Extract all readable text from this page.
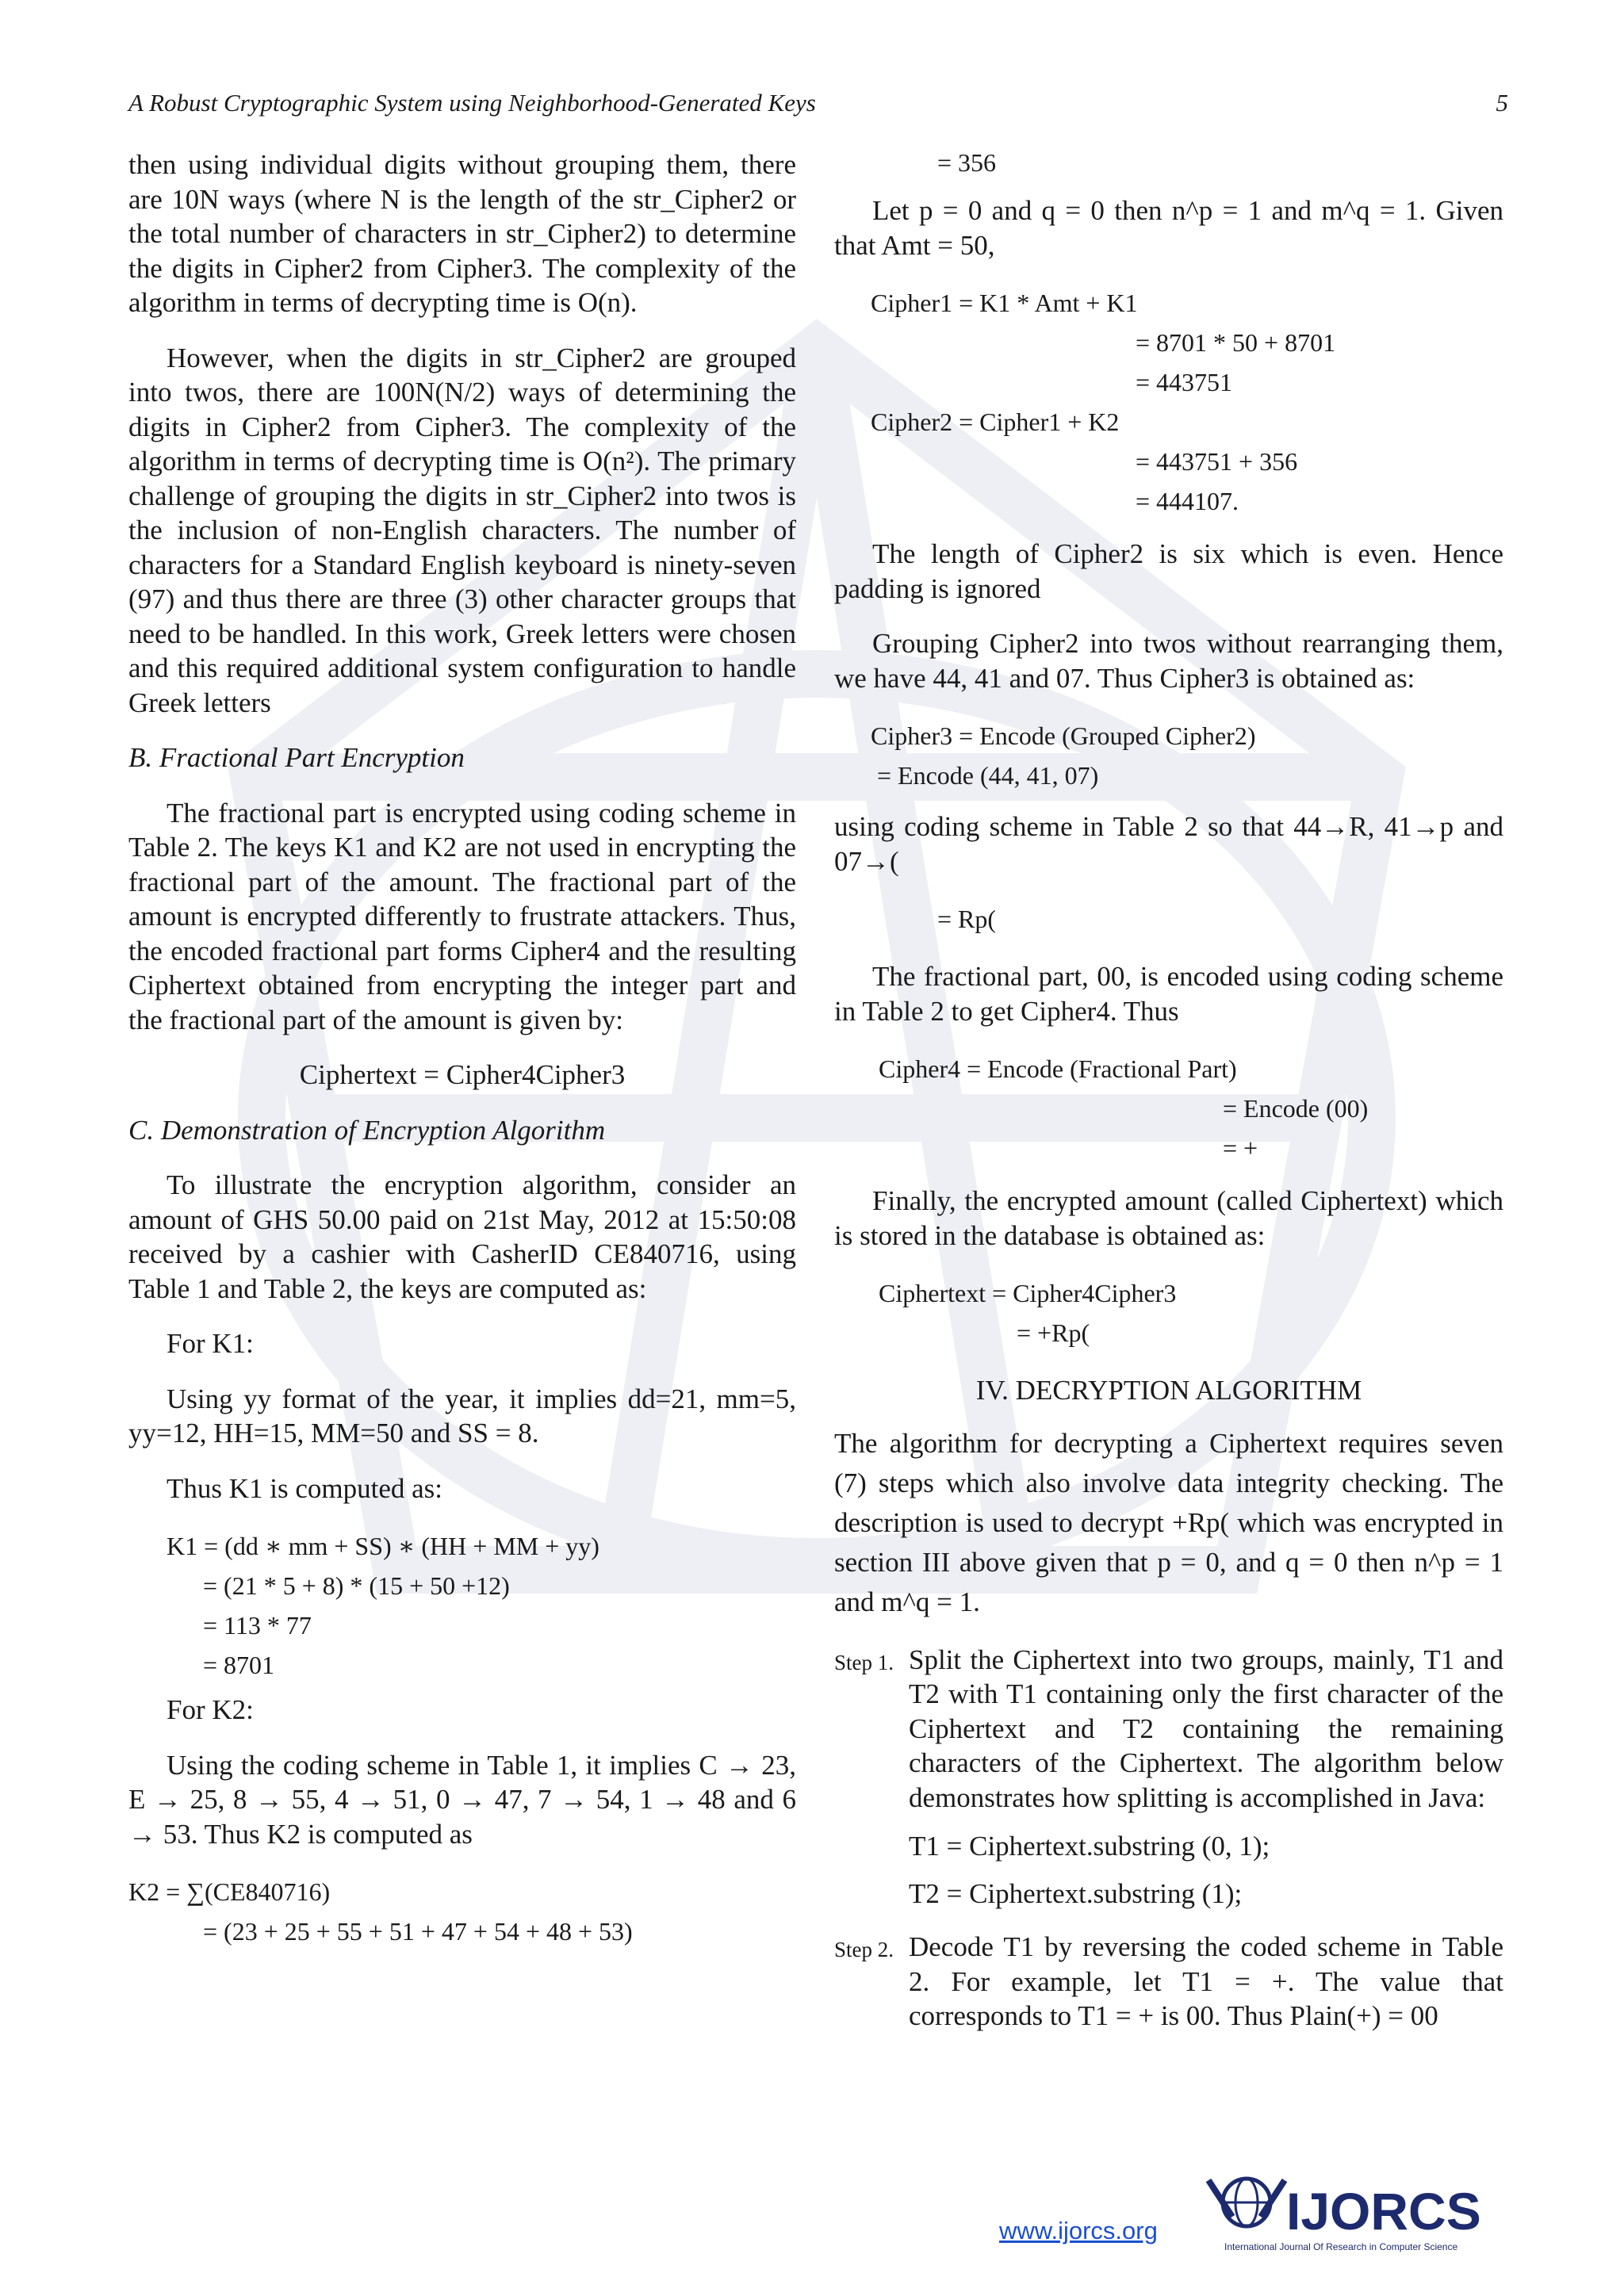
A Robust Cryptographic System using Neighborhood-Generated Keys	5

then using individual digits without grouping them, there are 10N ways (where N is the length of the str_Cipher2 or the total number of characters in str_Cipher2) to determine the digits in Cipher2 from Cipher3. The complexity of the algorithm in terms of decrypting time is O(n).

However, when the digits in str_Cipher2 are grouped into twos, there are 100N(N/2) ways of determining the digits in Cipher2 from Cipher3. The complexity of the algorithm in terms of decrypting time is O(n²). The primary challenge of grouping the digits in str_Cipher2 into twos is the inclusion of non-English characters. The number of characters for a Standard English keyboard is ninety-seven (97) and thus there are three (3) other character groups that need to be handled. In this work, Greek letters were chosen and this required additional system configuration to handle Greek letters

B. Fractional Part Encryption

The fractional part is encrypted using coding scheme in Table 2. The keys K1 and K2 are not used in encrypting the fractional part of the amount. The fractional part of the amount is encrypted differently to frustrate attackers. Thus, the encoded fractional part forms Cipher4 and the resulting Ciphertext obtained from encrypting the integer part and the fractional part of the amount is given by:

Ciphertext = Cipher4Cipher3

C. Demonstration of Encryption Algorithm

To illustrate the encryption algorithm, consider an amount of GHS 50.00 paid on 21st May, 2012 at 15:50:08 received by a cashier with CasherID CE840716, using Table 1 and Table 2, the keys are computed as:

For K1:

Using yy format of the year, it implies dd=21, mm=5, yy=12, HH=15, MM=50 and SS = 8.

Thus K1 is computed as:

K1 = (dd ∗ mm + SS) ∗ (HH + MM + yy)
= (21 * 5 + 8) * (15 + 50 +12)
= 113 * 77
= 8701

For K2:

Using the coding scheme in Table 1, it implies C → 23, E → 25, 8 → 55, 4 → 51, 0 → 47, 7 → 54, 1 → 48 and 6 → 53. Thus K2 is computed as

K2 = ∑(CE840716)
= (23 + 25 + 55 + 51 + 47 + 54 + 48 + 53)
= 356

Let p = 0 and q = 0 then n^p = 1 and m^q = 1. Given that Amt = 50,

Cipher1 = K1 * Amt + K1
= 8701 * 50 + 8701
= 443751
Cipher2 = Cipher1 + K2
= 443751 + 356
= 444107.

The length of Cipher2 is six which is even. Hence padding is ignored

Grouping Cipher2 into twos without rearranging them, we have 44, 41 and 07. Thus Cipher3 is obtained as:

Cipher3 = Encode (Grouped Cipher2)
= Encode (44, 41, 07)

using coding scheme in Table 2 so that 44→R, 41→p and 07→(

= Rp(

The fractional part, 00, is encoded using coding scheme in Table 2 to get Cipher4. Thus

Cipher4 = Encode (Fractional Part)
= Encode (00)
= +

Finally, the encrypted amount (called Ciphertext) which is stored in the database is obtained as:

Ciphertext = Cipher4Cipher3
= +Rp(
IV. DECRYPTION ALGORITHM

The algorithm for decrypting a Ciphertext requires seven (7) steps which also involve data integrity checking. The description is used to decrypt +Rp( which was encrypted in section III above given that p = 0, and q = 0 then n^p = 1 and m^q = 1.

Step 1. Split the Ciphertext into two groups, mainly, T1 and T2 with T1 containing only the first character of the Ciphertext and T2 containing the remaining characters of the Ciphertext. The algorithm below demonstrates how splitting is accomplished in Java:
T1 = Ciphertext.substring (0, 1);
T2 = Ciphertext.substring (1);
Step 2. Decode T1 by reversing the coded scheme in Table 2. For example, let T1 = +. The value that corresponds to T1 = + is 00. Thus Plain(+) = 00
www.ijorcs.org IJORCS
International Journal Of Research in Computer Science
